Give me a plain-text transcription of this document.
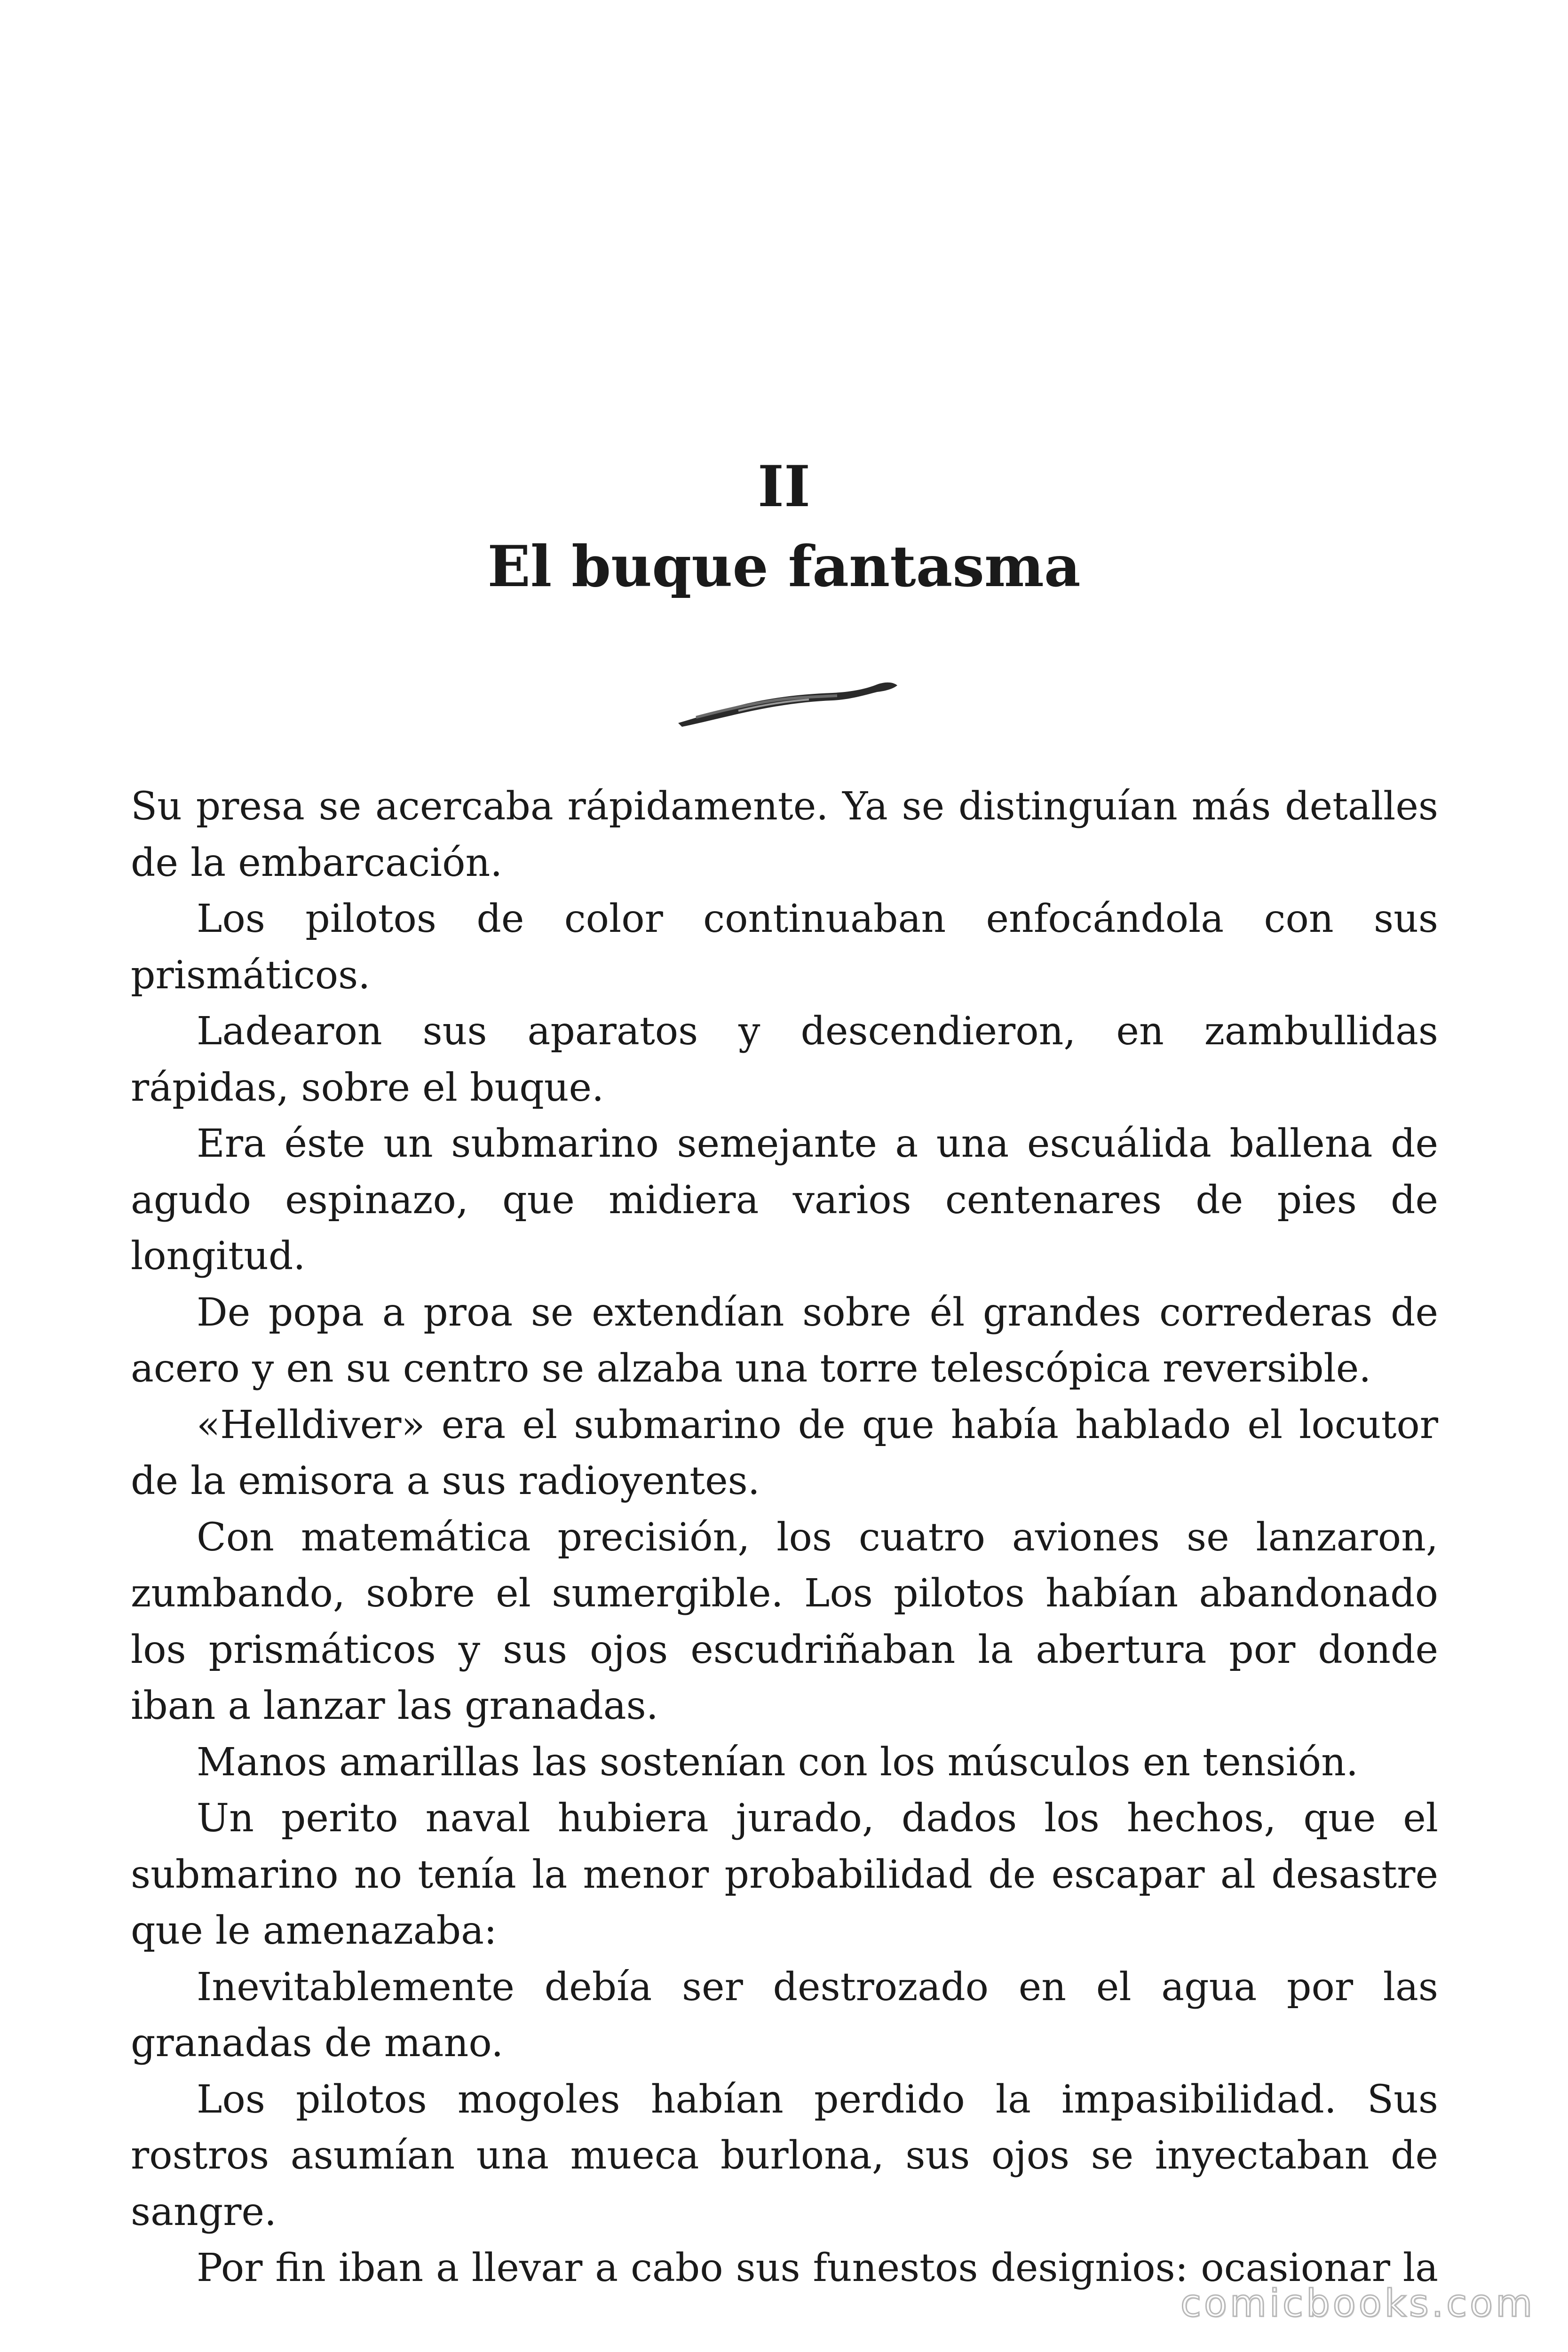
II
El buque fantasma

Su presa se acercaba rápidamente. Ya se distinguían más detalles de la embarcación.

Los pilotos de color continuaban enfocándola con sus prismáticos.

Ladearon sus aparatos y descendieron, en zambullidas rápidas, sobre el buque.

Era éste un submarino semejante a una escuálida ballena de agudo espinazo, que midiera varios centenares de pies de longitud.

De popa a proa se extendían sobre él grandes correderas de acero y en su centro se alzaba una torre telescópica reversible.

«Helldiver» era el submarino de que había hablado el locutor de la emisora a sus radioyentes.

Con matemática precisión, los cuatro aviones se lanzaron, zumbando, sobre el sumergible. Los pilotos habían abandonado los prismáticos y sus ojos escudriñaban la abertura por donde iban a lanzar las granadas.

Manos amarillas las sostenían con los músculos en tensión.

Un perito naval hubiera jurado, dados los hechos, que el submarino no tenía la menor probabilidad de escapar al desastre que le amenazaba:

Inevitablemente debía ser destrozado en el agua por las granadas de mano.

Los pilotos mogoles habían perdido la impasibilidad. Sus rostros asumían una mueca burlona, sus ojos se inyectaban de sangre.

Por fin iban a llevar a cabo sus funestos designios: ocasionar la

comicbooks.com
